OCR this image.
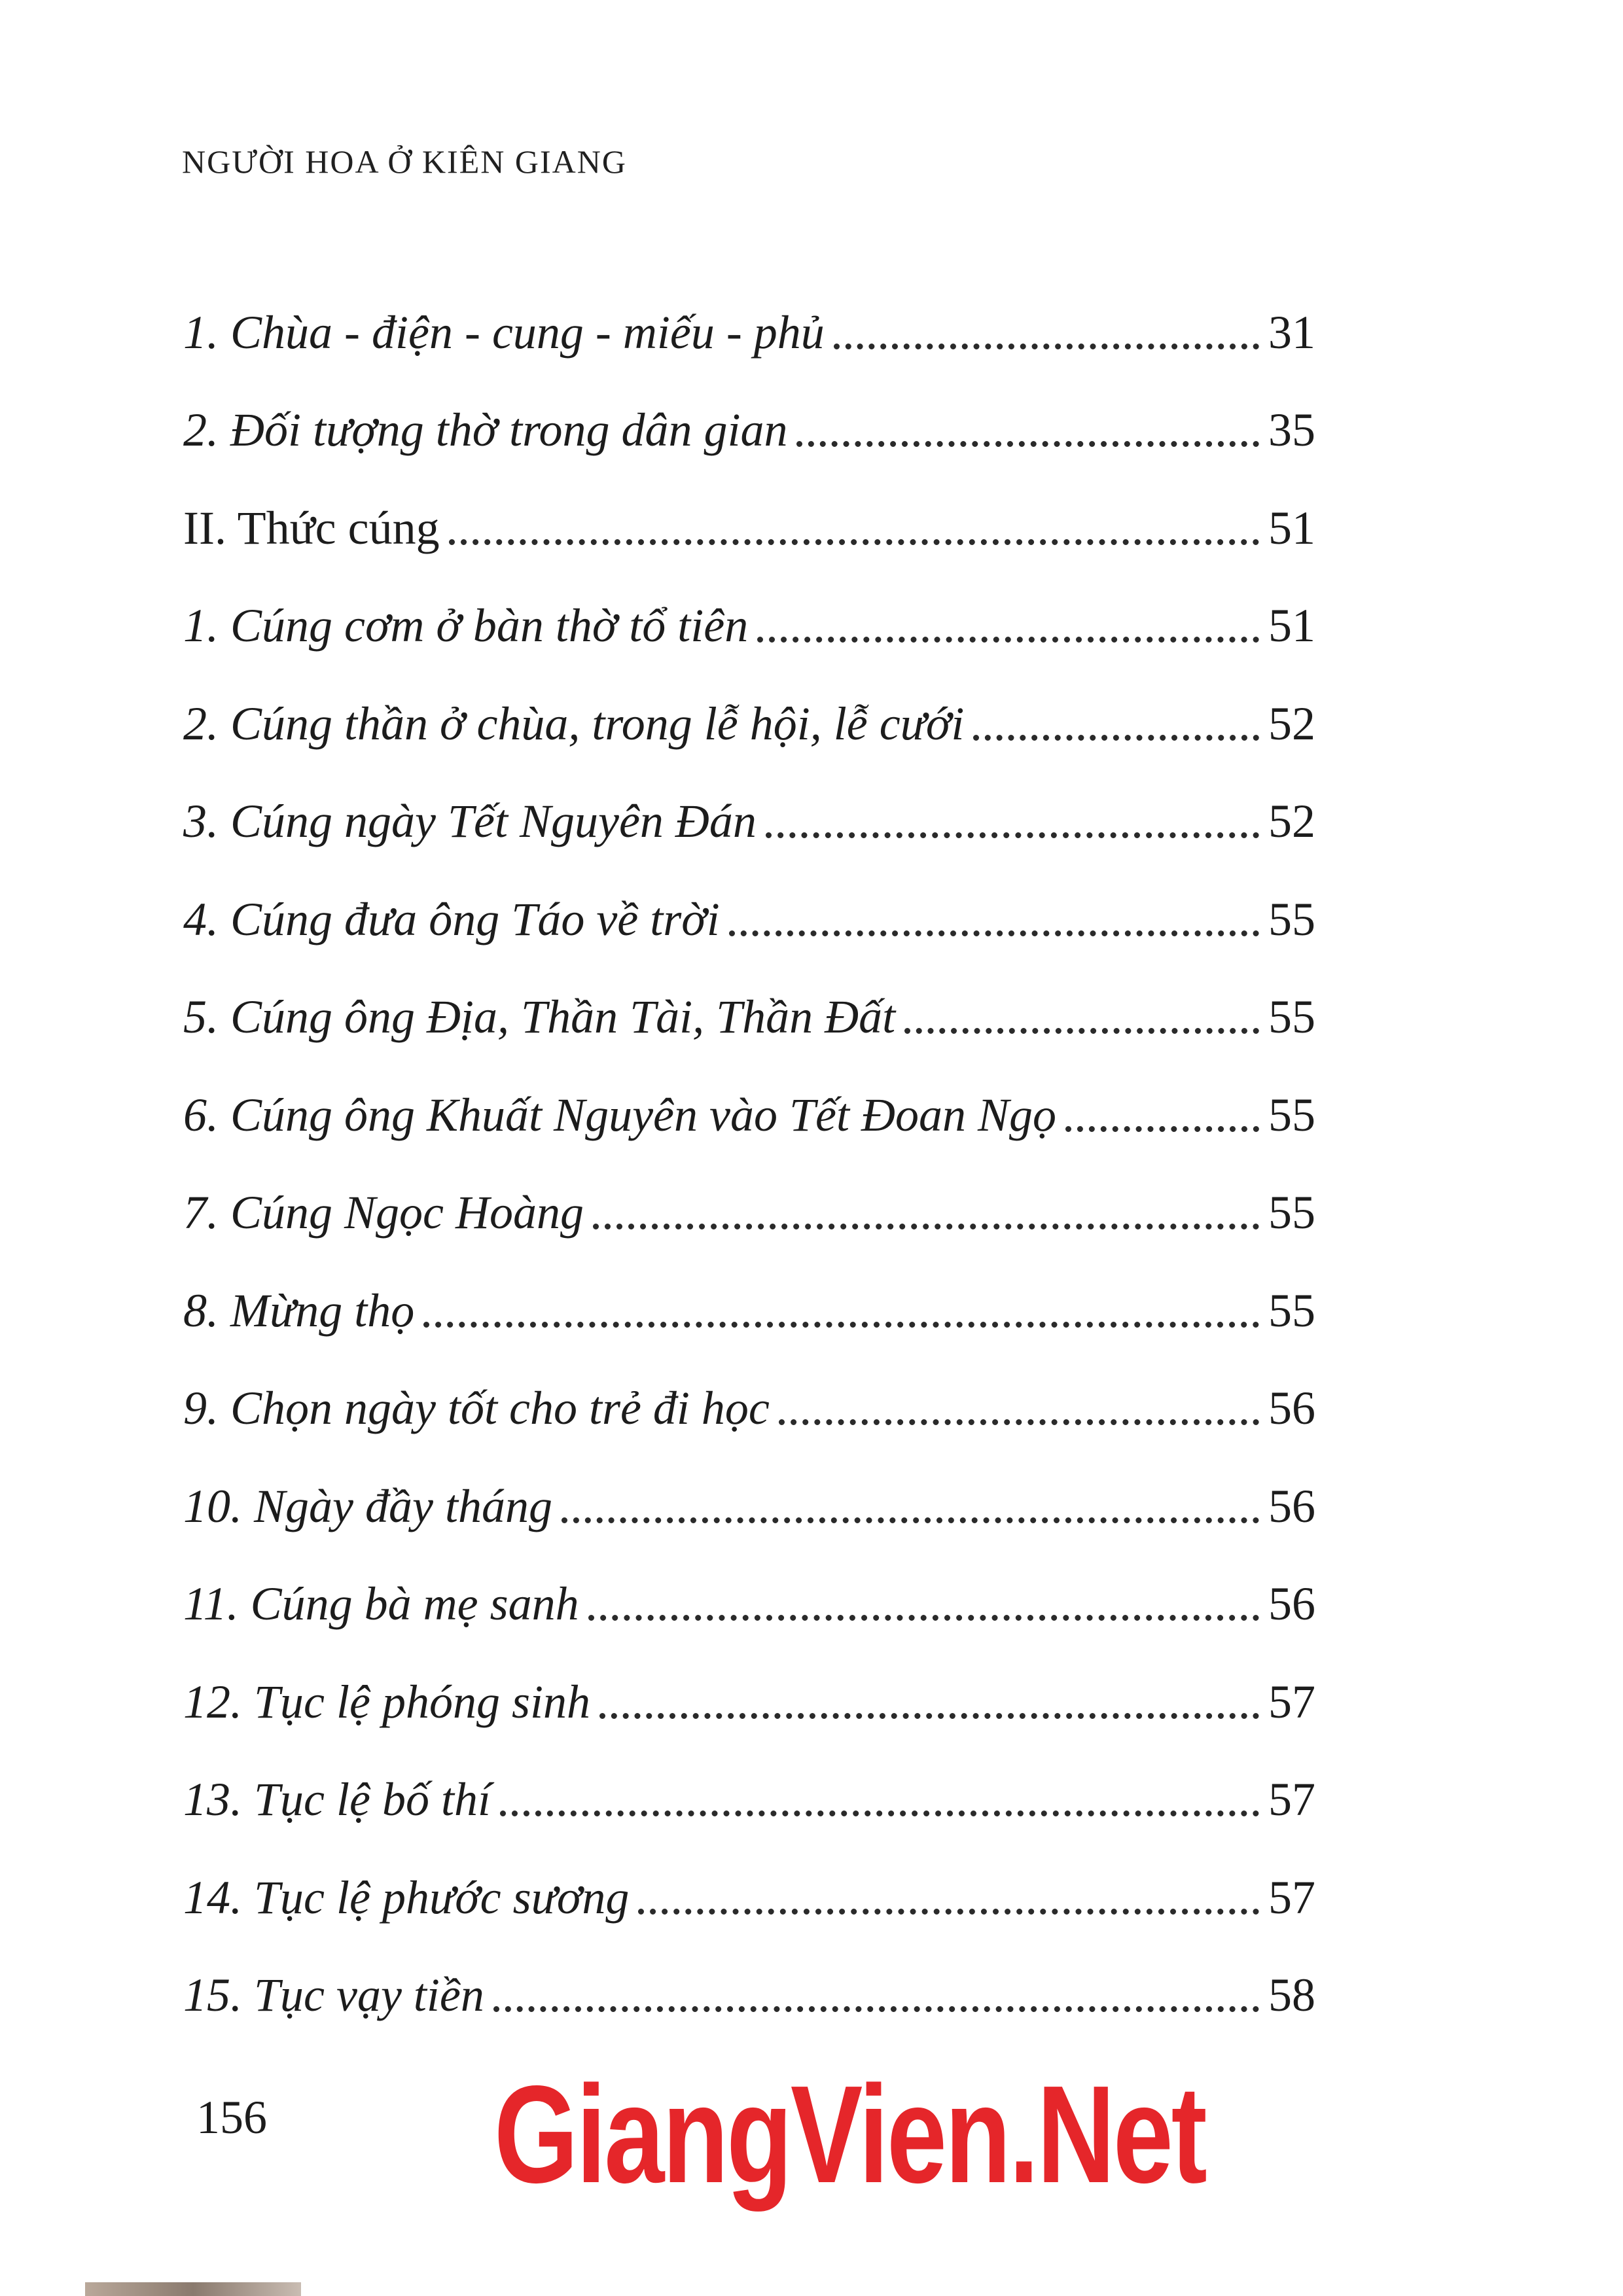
NGƯỜI HOA Ở KIÊN GIANG
1. Chùa - điện - cung - miếu - phủ	31
2. Đối tượng thờ trong dân gian	35
II. Thức cúng	51
1. Cúng cơm ở bàn thờ tổ tiên	51
2. Cúng thần ở chùa, trong lễ hội, lễ cưới	52
3. Cúng ngày Tết Nguyên Đán	52
4. Cúng đưa ông Táo về trời	55
5. Cúng ông Địa, Thần Tài, Thần Đất	55
6. Cúng ông Khuất Nguyên vào Tết Đoan Ngọ	55
7. Cúng Ngọc Hoàng	55
8. Mừng thọ	55
9. Chọn ngày tốt cho trẻ đi học	56
10. Ngày đầy tháng	56
11. Cúng bà mẹ sanh	56
12. Tục lệ phóng sinh	57
13. Tục lệ bố thí	57
14. Tục lệ phước sương	57
15. Tục vạy tiền	58
156 GiangVien.Net
